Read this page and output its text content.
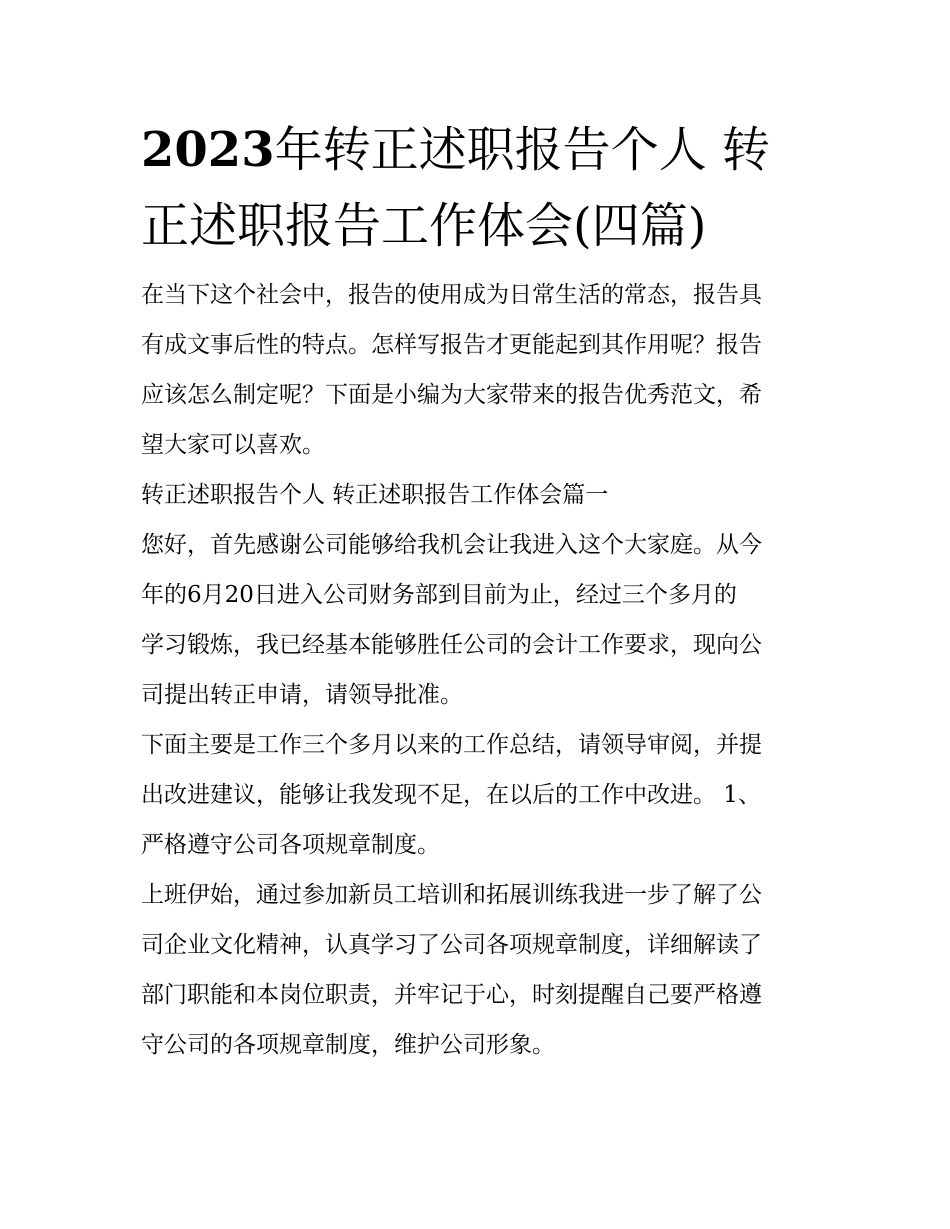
2023年转正述职报告个人 转
正述职报告工作体会(四篇)

在当下这个社会中，报告的使用成为日常生活的常态，报告具
有成文事后性的特点。怎样写报告才更能起到其作用呢？报告
应该怎么制定呢？下面是小编为大家带来的报告优秀范文，希
望大家可以喜欢。

转正述职报告个人 转正述职报告工作体会篇一

您好，首先感谢公司能够给我机会让我进入这个大家庭。从今
年的6月20日进入公司财务部到目前为止，经过三个多月的
学习锻炼，我已经基本能够胜任公司的会计工作要求，现向公
司提出转正申请，请领导批准。

下面主要是工作三个多月以来的工作总结，请领导审阅，并提
出改进建议，能够让我发现不足，在以后的工作中改进。 1、
严格遵守公司各项规章制度。

上班伊始，通过参加新员工培训和拓展训练我进一步了解了公
司企业文化精神，认真学习了公司各项规章制度，详细解读了
部门职能和本岗位职责，并牢记于心，时刻提醒自己要严格遵
守公司的各项规章制度，维护公司形象。
